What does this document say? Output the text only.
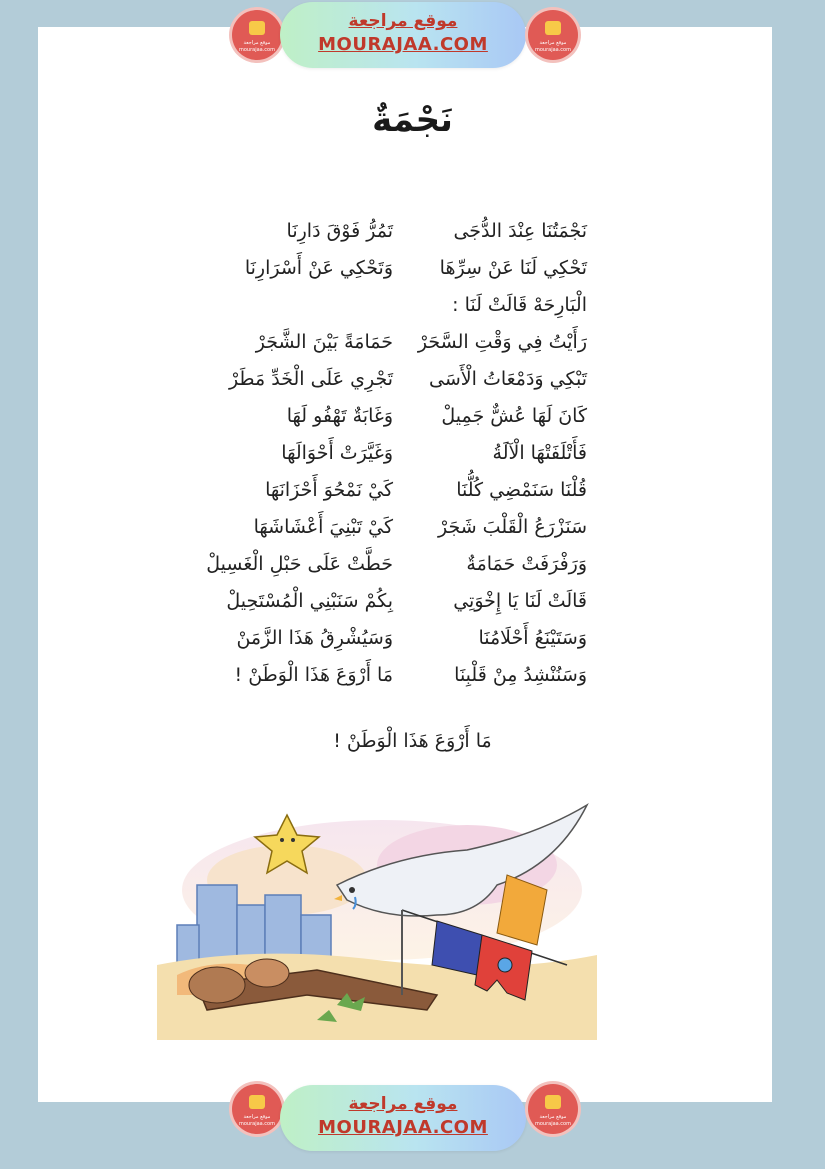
موقع مراجعة
mourajaa.com
موقع مراجعة
MOURAJAA.COM	موقع مراجعة
mourajaa.com
نَجْمَةٌ
نَجْمَتُنَا عِنْدَ الدُّجَى
تَمُرُّ فَوْقَ دَارِنَا
تَحْكِي لَنَا عَنْ سِرِّهَا
وَتَحْكِي عَنْ أَسْرَارِنَا
الْبَارِحَهْ قَالَتْ لَنَا :
رَأَيْتُ فِي وَقْتِ السَّحَرْ
حَمَامَةً بَيْنَ الشَّجَرْ
تَبْكِي وَدَمْعَاتُ الْأَسَى
تَجْرِي عَلَى الْخَدِّ مَطَرْ
كَانَ لَهَا عُشٌّ جَمِيلْ
وَغَابَةٌ تَهْفُو لَهَا
فَأَتْلَفَتْهَا الْآلَةُ
وَغَيَّرَتْ أَحْوَالَهَا
قُلْنَا سَنَمْضِي كُلُّنَا
كَيْ نَمْحُوَ أَحْزَانَهَا
سَنَزْرَعُ الْقَلْبَ شَجَرْ
كَيْ تَبْنِيَ أَعْشَاشَهَا
وَرَفْرَفَتْ حَمَامَةٌ
حَطَّتْ عَلَى حَبْلِ الْغَسِيلْ
قَالَتْ لَنَا يَا إِخْوَتِي
بِكُمْ سَنَبْنِي الْمُسْتَحِيلْ
وَسَتَيْنَعُ أَحْلَامُنَا
وَسَيُشْرِقُ هَذَا الزَّمَنْ
وَسَنُنْشِدُ مِنْ قَلْبِنَا
مَا أَرْوَعَ هَذَا الْوَطَنْ !
مَا أَرْوَعَ هَذَا الْوَطَنْ !
موقع مراجعة
mourajaa.com
موقع مراجعة
MOURAJAA.COM	موقع مراجعة
mourajaa.com
